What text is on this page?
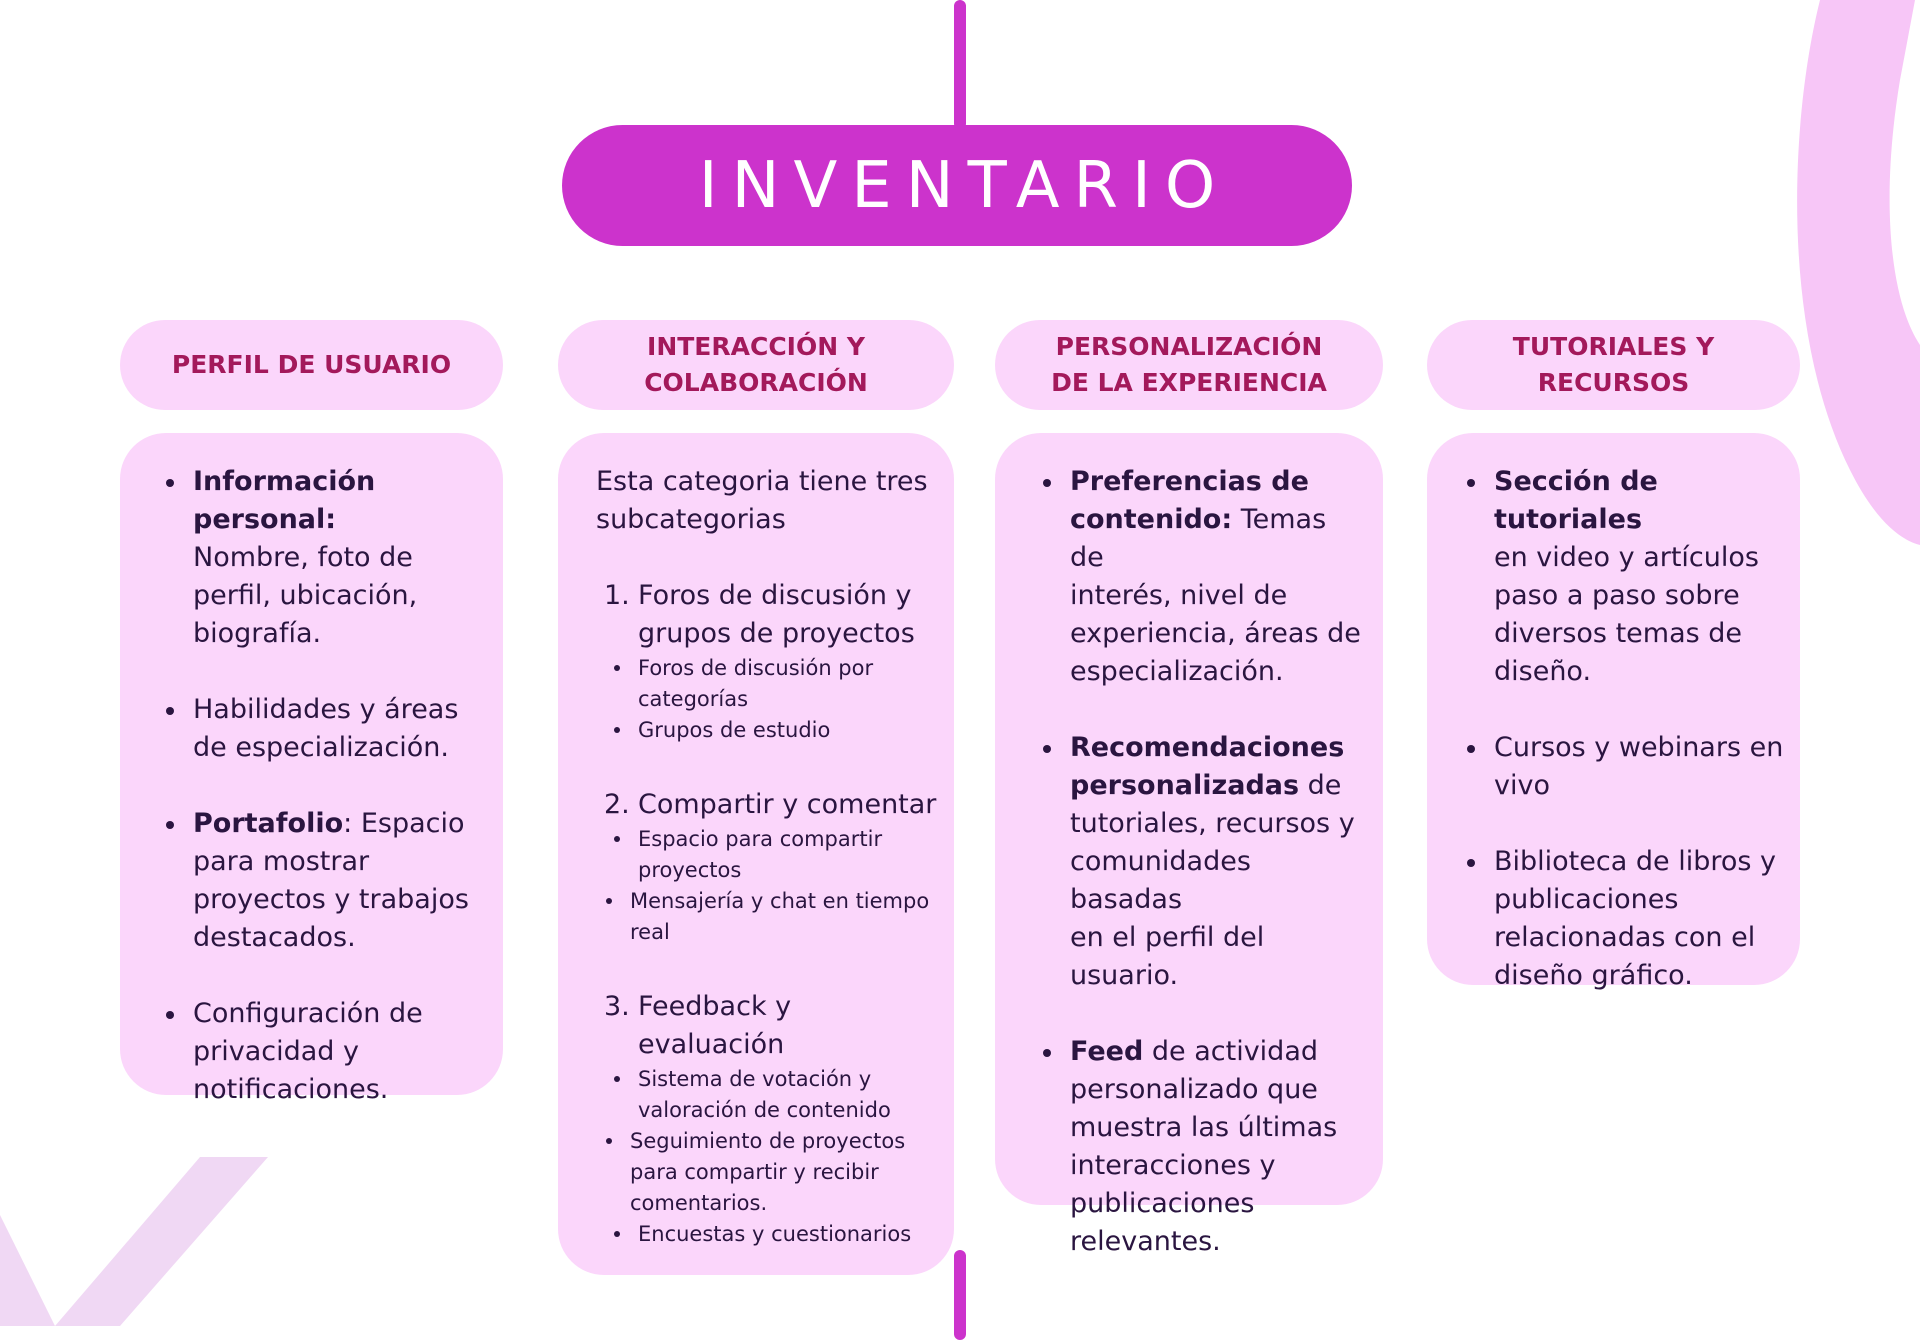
INVENTARIO
PERFIL DE USUARIO
Información personal:
Nombre, foto de
perfil, ubicación,
biografía.
Habilidades y áreas
de especialización.
Portafolio: Espacio
para mostrar
proyectos y trabajos
destacados.
Configuración de
privacidad y
notificaciones.
INTERACCIÓN Y
COLABORACIÓN
Esta categoria tiene tres
subcategorias
1. Foros de discusión y
grupos de proyectos
Foros de discusión por
categorías
Grupos de estudio
2. Compartir y comentar
Espacio para compartir
proyectos
Mensajería y chat en tiempo
real
3. Feedback y
evaluación
Sistema de votación y
valoración de contenido
Seguimiento de proyectos
para compartir y recibir
comentarios.
Encuestas y cuestionarios
PERSONALIZACIÓN
DE LA EXPERIENCIA
Preferencias de
contenido: Temas de
interés, nivel de
experiencia, áreas de
especialización.
Recomendaciones
personalizadas de
tutoriales, recursos y
comunidades basadas
en el perfil del
usuario.
Feed de actividad
personalizado que
muestra las últimas
interacciones y
publicaciones
relevantes.
TUTORIALES Y
RECURSOS
Sección de tutoriales
en video y artículos
paso a paso sobre
diversos temas de
diseño.
Cursos y webinars en
vivo
Biblioteca de libros y
publicaciones
relacionadas con el
diseño gráfico.
